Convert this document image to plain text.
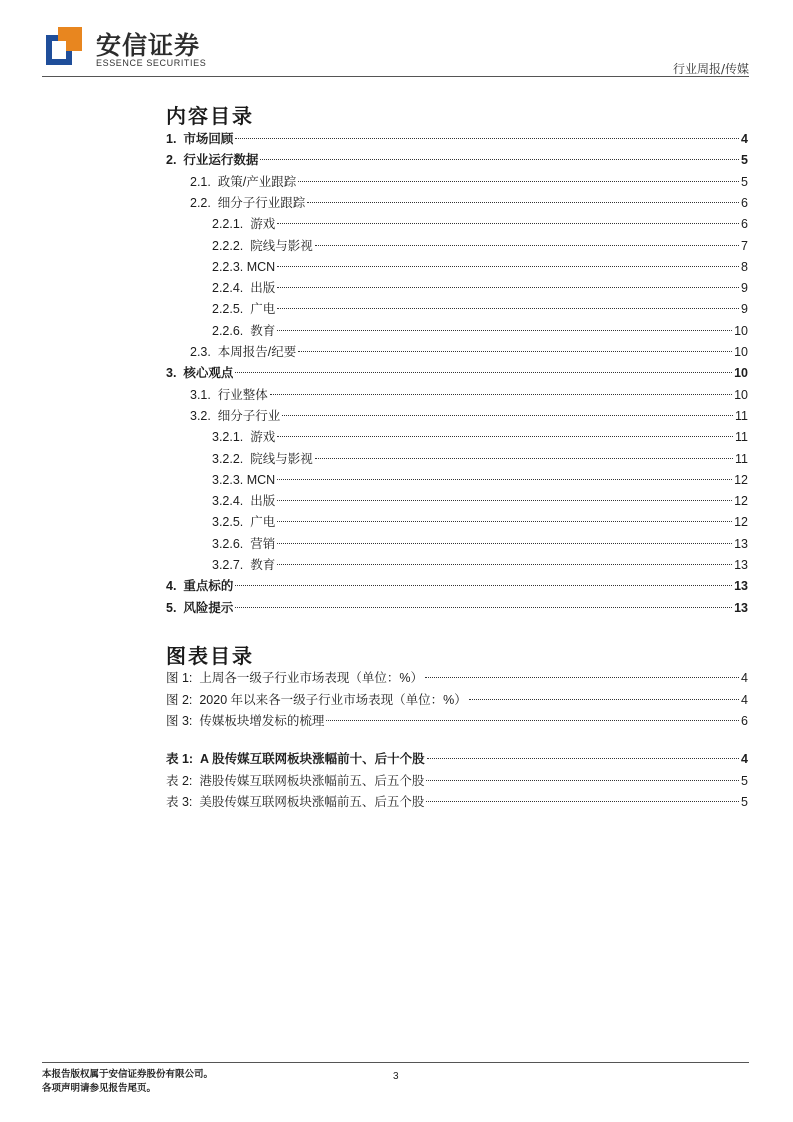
安信证券
ESSENCE SECURITIES	行业周报/传媒
内容目录
1.  市场回顾	4
2.  行业运行数据	5
2.1.  政策/产业跟踪	5
2.2.  细分子行业跟踪	6
2.2.1.  游戏	6
2.2.2.  院线与影视	7
2.2.3. MCN	8
2.2.4.  出版	9
2.2.5.  广电	9
2.2.6.  教育	10
2.3.  本周报告/纪要	10
3.  核心观点	10
3.1.  行业整体	10
3.2.  细分子行业	11
3.2.1.  游戏	11
3.2.2.  院线与影视	11
3.2.3. MCN	12
3.2.4.  出版	12
3.2.5.  广电	12
3.2.6.  营销	13
3.2.7.  教育	13
4.  重点标的	13
5.  风险提示	13
图表目录
图 1:  上周各一级子行业市场表现（单位：%）	4
图 2:  2020 年以来各一级子行业市场表现（单位：%）	4
图 3:  传媒板块增发标的梳理	6
表 1:  A 股传媒互联网板块涨幅前十、后十个股	4
表 2:  港股传媒互联网板块涨幅前五、后五个股	5
表 3:  美股传媒互联网板块涨幅前五、后五个股	5
本报告版权属于安信证券股份有限公司。
各项声明请参见报告尾页。
3
